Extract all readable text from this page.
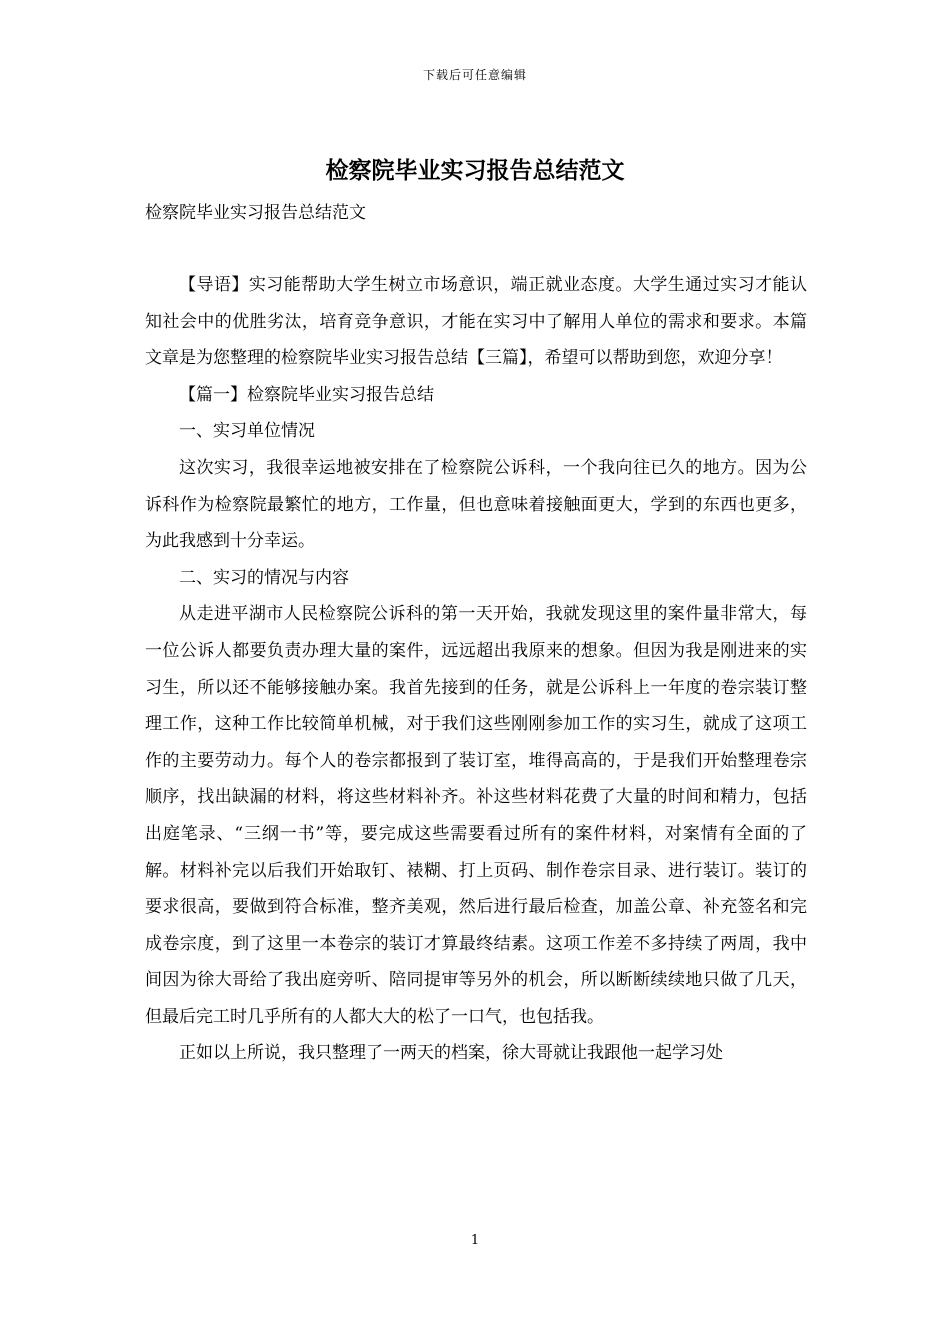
下载后可任意编辑
检察院毕业实习报告总结范文
检察院毕业实习报告总结范文

【导语】实习能帮助大学生树立市场意识，端正就业态度。大学生通过实习才能认知社会中的优胜劣汰，培育竞争意识，才能在实习中了解用人单位的需求和要求。本篇文章是为您整理的检察院毕业实习报告总结【三篇】，希望可以帮助到您，欢迎分享！

【篇一】检察院毕业实习报告总结

一、实习单位情况

这次实习，我很幸运地被安排在了检察院公诉科，一个我向往已久的地方。因为公诉科作为检察院最繁忙的地方，工作量，但也意味着接触面更大，学到的东西也更多，为此我感到十分幸运。

二、实习的情况与内容

从走进平湖市人民检察院公诉科的第一天开始，我就发现这里的案件量非常大，每一位公诉人都要负责办理大量的案件，远远超出我原来的想象。但因为我是刚进来的实习生，所以还不能够接触办案。我首先接到的任务，就是公诉科上一年度的卷宗装订整理工作，这种工作比较简单机械，对于我们这些刚刚参加工作的实习生，就成了这项工作的主要劳动力。每个人的卷宗都报到了装订室，堆得高高的，于是我们开始整理卷宗顺序，找出缺漏的材料，将这些材料补齐。补这些材料花费了大量的时间和精力，包括出庭笔录、“三纲一书”等，要完成这些需要看过所有的案件材料，对案情有全面的了解。材料补完以后我们开始取钉、裱糊、打上页码、制作卷宗目录、进行装订。装订的要求很高，要做到符合标准，整齐美观，然后进行最后检查，加盖公章、补充签名和完成卷宗度，到了这里一本卷宗的装订才算最终结素。这项工作差不多持续了两周，我中间因为徐大哥给了我出庭旁听、陪同提审等另外的机会，所以断断续续地只做了几天，但最后完工时几乎所有的人都大大的松了一口气，也包括我。

正如以上所说，我只整理了一两天的档案，徐大哥就让我跟他一起学习处

1
